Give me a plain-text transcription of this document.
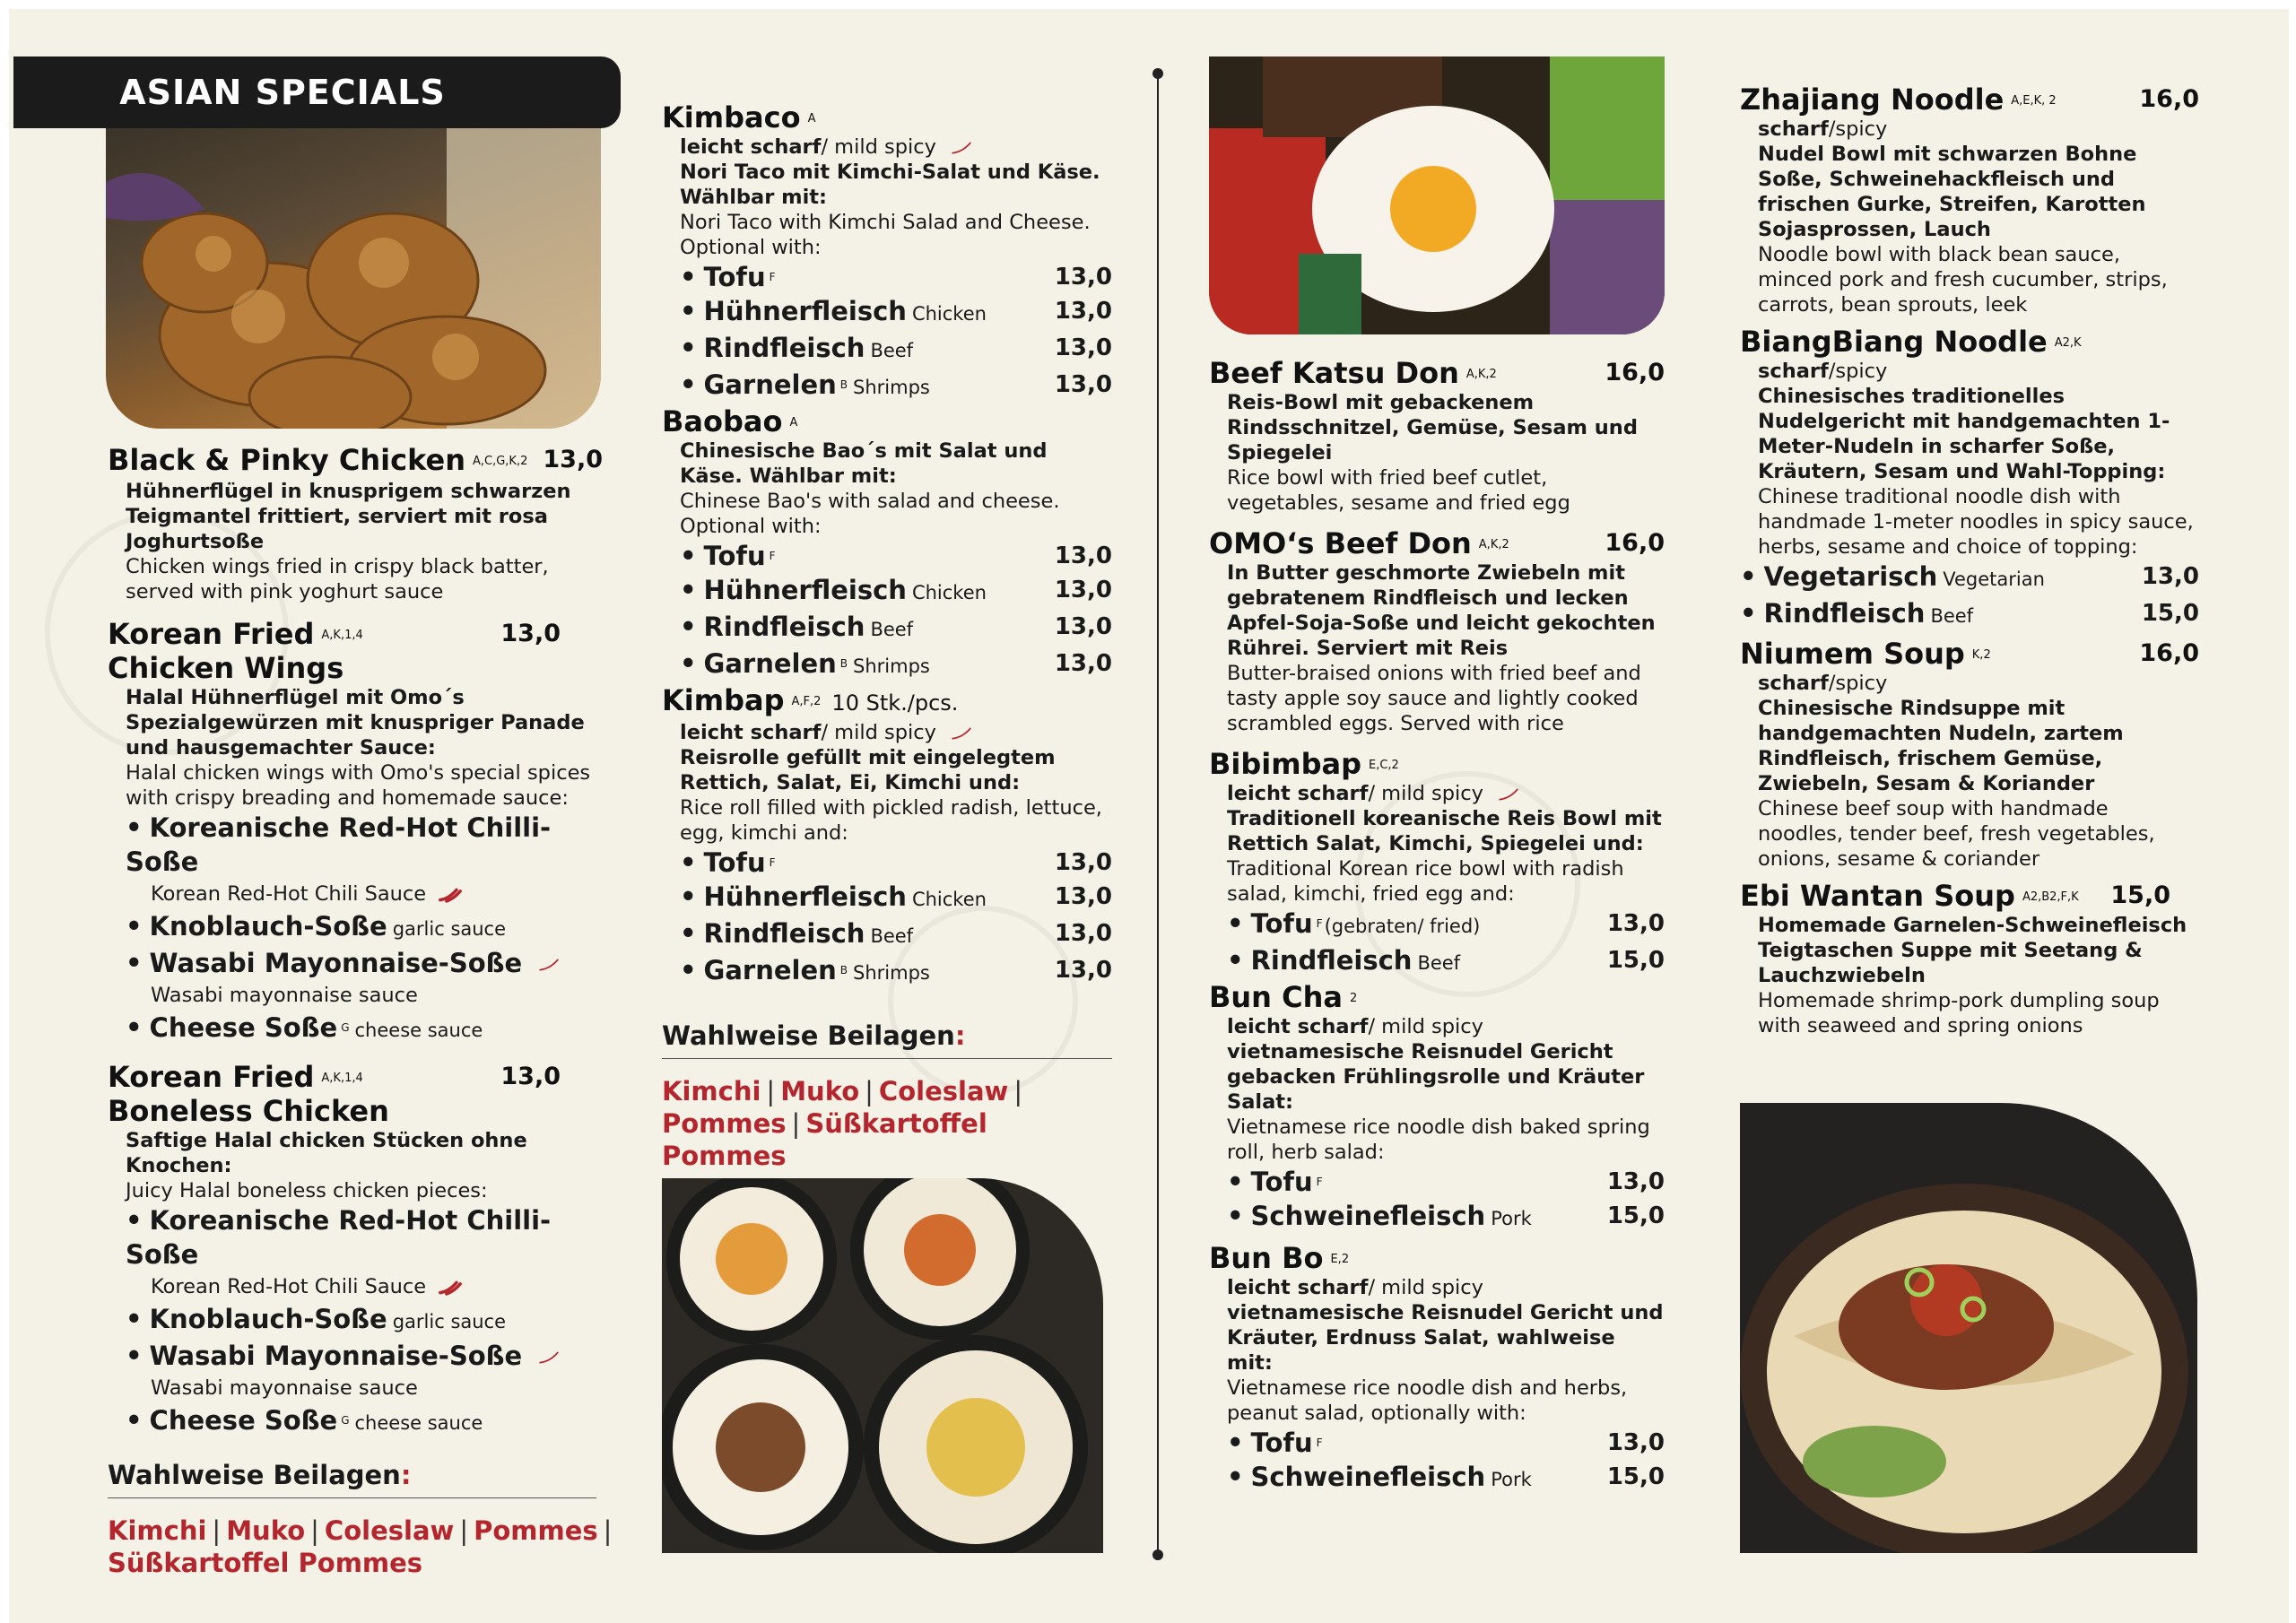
ASIAN SPECIALS
Black & Pinky Chicken $^{A,C,G,K,2}$ 13,0
Hühnerflügel in knusprigem schwarzen Teigmantel frittiert, serviert mit rosa Joghurtsoße
Chicken wings fried in crispy black batter, served with pink yoghurt sauce
Korean Fried $^{A,K,1,4}$
Chicken Wings
13,0
Halal Hühnerflügel mit Omo´s Spezialgewürzen mit knuspriger Panade und hausgemachter Sauce:
Halal chicken wings with Omo's special spices with crispy breading and homemade sauce:
• Koreanische Red-Hot Chilli-Soße
Korean Red-Hot Chili Sauce
• Knoblauch-Soße garlic sauce
• Wasabi Mayonnaise-Soße
Wasabi mayonnaise sauce
• Cheese Soße $^G$ cheese sauce
Korean Fried $^{A,K,1,4}$
Boneless Chicken
13,0
Saftige Halal chicken Stücken ohne Knochen:
Juicy Halal boneless chicken pieces:
• Koreanische Red-Hot Chilli-Soße
Korean Red-Hot Chili Sauce
• Knoblauch-Soße garlic sauce
• Wasabi Mayonnaise-Soße
Wasabi mayonnaise sauce
• Cheese Soße $^G$ cheese sauce
Wahlweise Beilagen:
Kimchi | Muko | Coleslaw | Pommes |
Süßkartoffel Pommes
Kimbaco $^A$
leicht scharf/ mild spicy
Nori Taco mit Kimchi-Salat und Käse. Wählbar mit:
Nori Taco with Kimchi Salad and Cheese. Optional with:
• Tofu $^F$	13,0
• Hühnerfleisch Chicken	13,0
• Rindfleisch Beef	13,0
• Garnelen $^B$ Shrimps	13,0
Baobao $^A$
Chinesische Bao´s mit Salat und Käse. Wählbar mit:
Chinese Bao's with salad and cheese. Optional with:
• Tofu $^F$	13,0
• Hühnerfleisch Chicken	13,0
• Rindfleisch Beef	13,0
• Garnelen $^B$ Shrimps	13,0
Kimbap $^{A,F,2}$ 10 Stk./pcs.
leicht scharf/ mild spicy
Reisrolle gefüllt mit eingelegtem Rettich, Salat, Ei, Kimchi und:
Rice roll filled with pickled radish, lettuce, egg, kimchi and:
• Tofu $^F$	13,0
• Hühnerfleisch Chicken	13,0
• Rindfleisch Beef	13,0
• Garnelen $^B$ Shrimps	13,0
Wahlweise Beilagen:
Kimchi | Muko | Coleslaw |
Pommes | Süßkartoffel Pommes
Beef Katsu Don $^{A,K,2}$	16,0
Reis-Bowl mit gebackenem Rindsschnitzel, Gemüse, Sesam und Spiegelei
Rice bowl with fried beef cutlet, vegetables, sesame and fried egg
OMO‘s Beef Don $^{A,K,2}$	16,0
In Butter geschmorte Zwiebeln mit gebratenem Rindfleisch und lecken Apfel-Soja-Soße und leicht gekochten Rührei. Serviert mit Reis
Butter-braised onions with fried beef and tasty apple soy sauce and lightly cooked scrambled eggs. Served with rice
Bibimbap $^{E,C,2}$
leicht scharf/ mild spicy
Traditionell koreanische Reis Bowl mit Rettich Salat, Kimchi, Spiegelei und:
Traditional Korean rice bowl with radish salad, kimchi, fried egg and:
• Tofu $^F$(gebraten/ fried)	13,0
• Rindfleisch Beef	15,0
Bun Cha $^2$
leicht scharf/ mild spicy
vietnamesische Reisnudel Gericht gebacken Frühlingsrolle und Kräuter Salat:
Vietnamese rice noodle dish baked spring roll, herb salad:
• Tofu $^F$	13,0
• Schweinefleisch Pork	15,0
Bun Bo $^{E,2}$
leicht scharf/ mild spicy
vietnamesische Reisnudel Gericht und Kräuter, Erdnuss Salat, wahlweise mit:
Vietnamese rice noodle dish and herbs, peanut salad, optionally with:
• Tofu $^F$	13,0
• Schweinefleisch Pork	15,0
Zhajiang Noodle $^{A,E,K, 2}$	16,0
scharf/spicy
Nudel Bowl mit schwarzen Bohne Soße, Schweinehackfleisch und frischen Gurke, Streifen, Karotten Sojasprossen, Lauch
Noodle bowl with black bean sauce, minced pork and fresh cucumber, strips, carrots, bean sprouts, leek
BiangBiang Noodle $^{A2,K}$
scharf/spicy
Chinesisches traditionelles Nudelgericht mit handgemachten 1-Meter-Nudeln in scharfer Soße, Kräutern, Sesam und Wahl-Topping:
Chinese traditional noodle dish with handmade 1-meter noodles in spicy sauce, herbs, sesame and choice of topping:
• Vegetarisch Vegetarian	13,0
• Rindfleisch Beef	15,0
Niumem Soup $^{K,2}$	16,0
scharf/spicy
Chinesische Rindsuppe mit handgemachten Nudeln, zartem Rindfleisch, frischem Gemüse, Zwiebeln, Sesam & Koriander
Chinese beef soup with handmade noodles, tender beef, fresh vegetables, onions, sesame & coriander
Ebi Wantan Soup $^{A2,B2,F,K}$ 15,0
Homemade Garnelen-Schweinefleisch Teigtaschen Suppe mit Seetang & Lauchzwiebeln
Homemade shrimp-pork dumpling soup with seaweed and spring onions
